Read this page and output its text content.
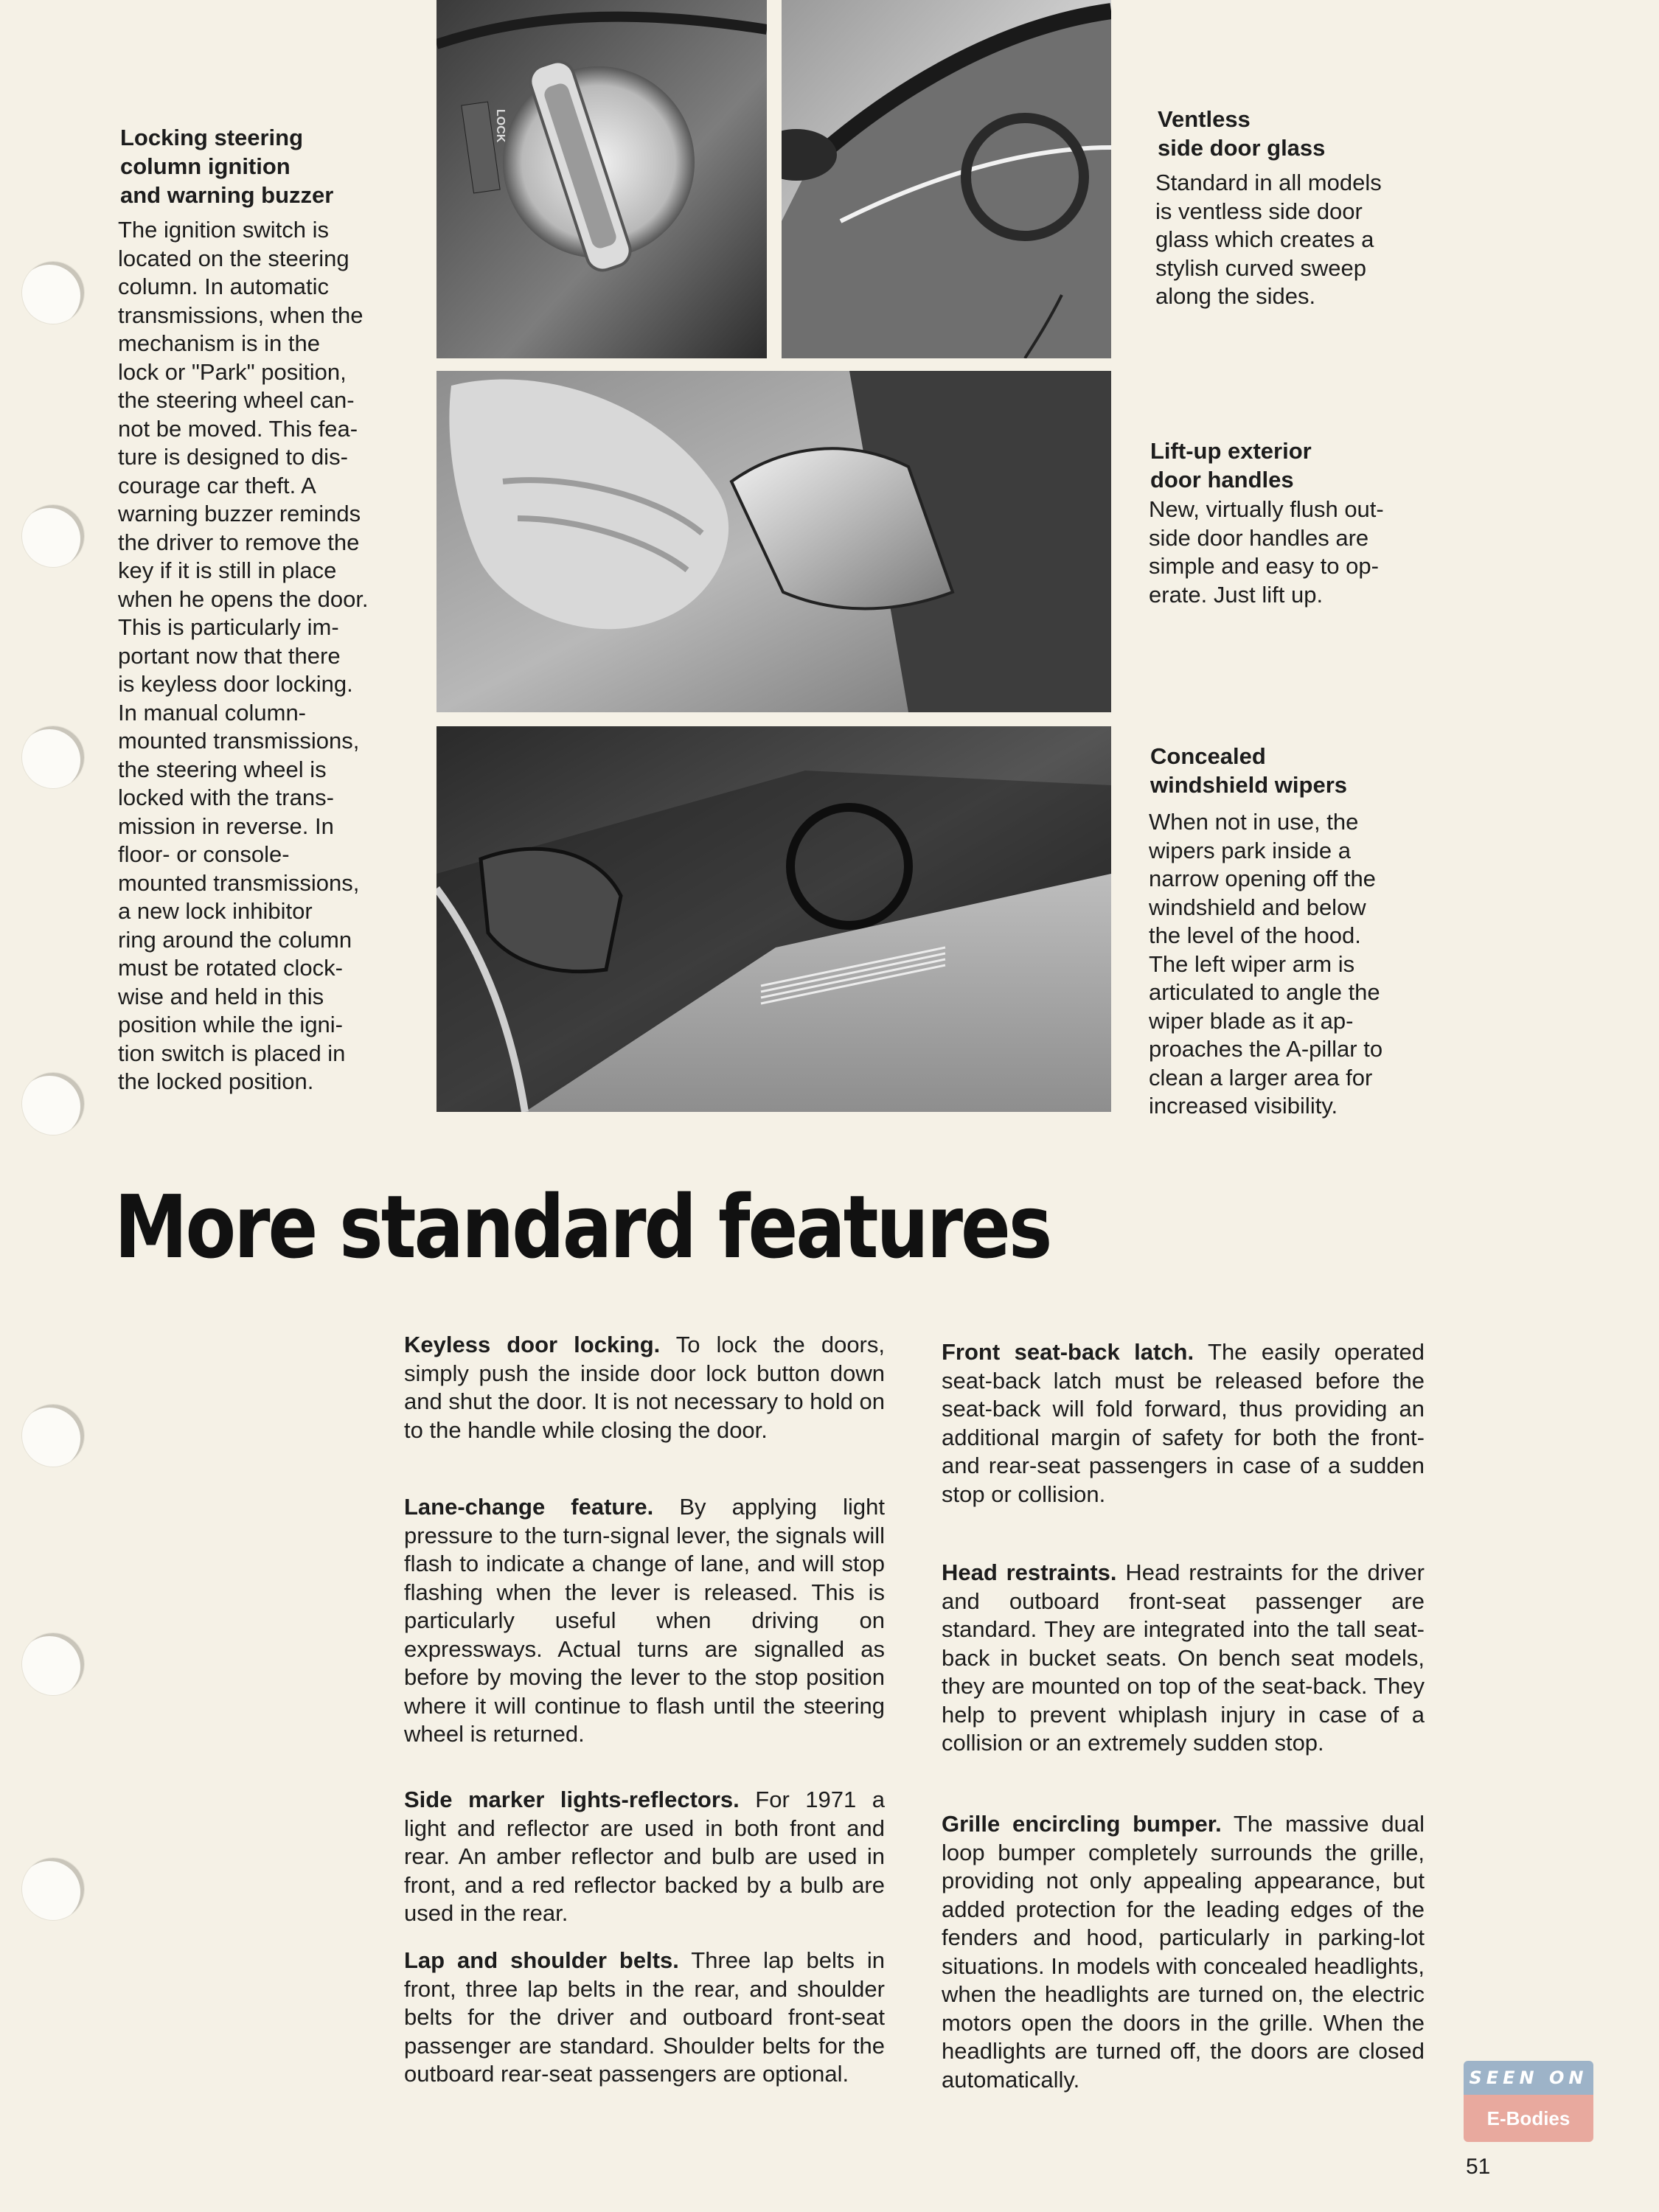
Locking steering
column ignition
and warning buzzer

The ignition switch is
located on the steering
column. In automatic
transmissions, when the
mechanism is in the
lock or "Park" position,
the steering wheel can-
not be moved. This fea-
ture is designed to dis-
courage car theft. A
warning buzzer reminds
the driver to remove the
key if it is still in place
when he opens the door.
This is particularly im-
portant now that there
is keyless door locking.
In manual column-
mounted transmissions,
the steering wheel is
locked with the trans-
mission in reverse. In
floor- or console-
mounted transmissions,
a new lock inhibitor
ring around the column
must be rotated clock-
wise and held in this
position while the igni-
tion switch is placed in
the locked position.

LOCK	Ventless
side door glass

Standard in all models
is ventless side door
glass which creates a
stylish curved sweep
along the sides.

Lift-up exterior
door handles

New, virtually flush out-
side door handles are
simple and easy to op-
erate. Just lift up.

Concealed
windshield wipers

When not in use, the
wipers park inside a
narrow opening off the
windshield and below
the level of the hood.
The left wiper arm is
articulated to angle the
wiper blade as it ap-
proaches the A-pillar to
clean a larger area for
increased visibility.

More standard features

Keyless door locking. To lock the doors, simply push the inside door lock button down and shut the door. It is not necessary to hold on to the handle while closing the door.

Lane-change feature. By applying light pressure to the turn-signal lever, the signals will flash to indicate a change of lane, and will stop flashing when the lever is released. This is particularly useful when driving on expressways. Actual turns are signalled as before by moving the lever to the stop position where it will continue to flash until the steering wheel is returned.

Side marker lights-reflectors. For 1971 a light and reflector are used in both front and rear. An amber reflector and bulb are used in front, and a red reflector backed by a bulb are used in the rear.

Lap and shoulder belts. Three lap belts in front, three lap belts in the rear, and shoulder belts for the driver and outboard front-seat passenger are standard. Shoulder belts for the outboard rear-seat passengers are optional.

Front seat-back latch. The easily operated seat-back latch must be released before the seat-back will fold forward, thus providing an additional margin of safety for both the front- and rear-seat passengers in case of a sudden stop or collision.

Head restraints. Head restraints for the driver and outboard front-seat passenger are standard. They are integrated into the tall seat-back in bucket seats. On bench seat models, they are mounted on top of the seat-back. They help to prevent whiplash injury in case of a collision or an extremely sudden stop.

Grille encircling bumper. The massive dual loop bumper completely surrounds the grille, providing not only appealing appearance, but added protection for the leading edges of the fenders and hood, particularly in parking-lot situations. In models with concealed headlights, when the headlights are turned on, the electric motors open the doors in the grille. When the headlights are turned off, the doors are closed automatically.	SEEN ON
E-Bodies

51
